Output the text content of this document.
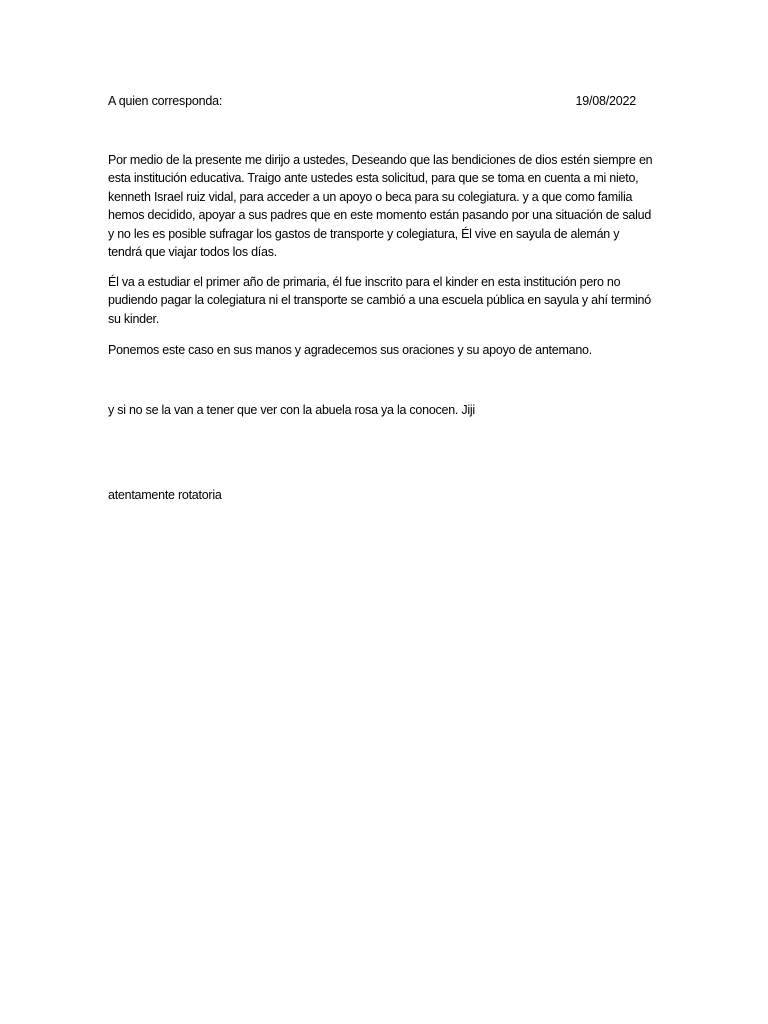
A quien corresponda:	19/08/2022

Por medio de la presente me dirijo a ustedes, Deseando que las bendiciones de dios estén siempre en esta institución educativa. Traigo ante ustedes esta solicitud, para que se toma en cuenta a mi nieto, kenneth Israel ruiz vidal, para acceder a un apoyo o beca para su colegiatura. y a que como familia hemos decidido, apoyar a sus padres que en este momento están pasando por una situación de salud y no les es posible sufragar los gastos de transporte y colegiatura, Él vive en sayula de alemán y tendrá que viajar todos los días.

Él va a estudiar el primer año de primaria, él fue inscrito para el kinder en esta institución pero no pudiendo pagar la colegiatura ni el transporte se cambió a una escuela pública en sayula y ahí terminó su kinder.

Ponemos este caso en sus manos y agradecemos sus oraciones y su apoyo de antemano.

y si no se la van a tener que ver con la abuela rosa ya la conocen. Jiji

atentamente rotatoria
